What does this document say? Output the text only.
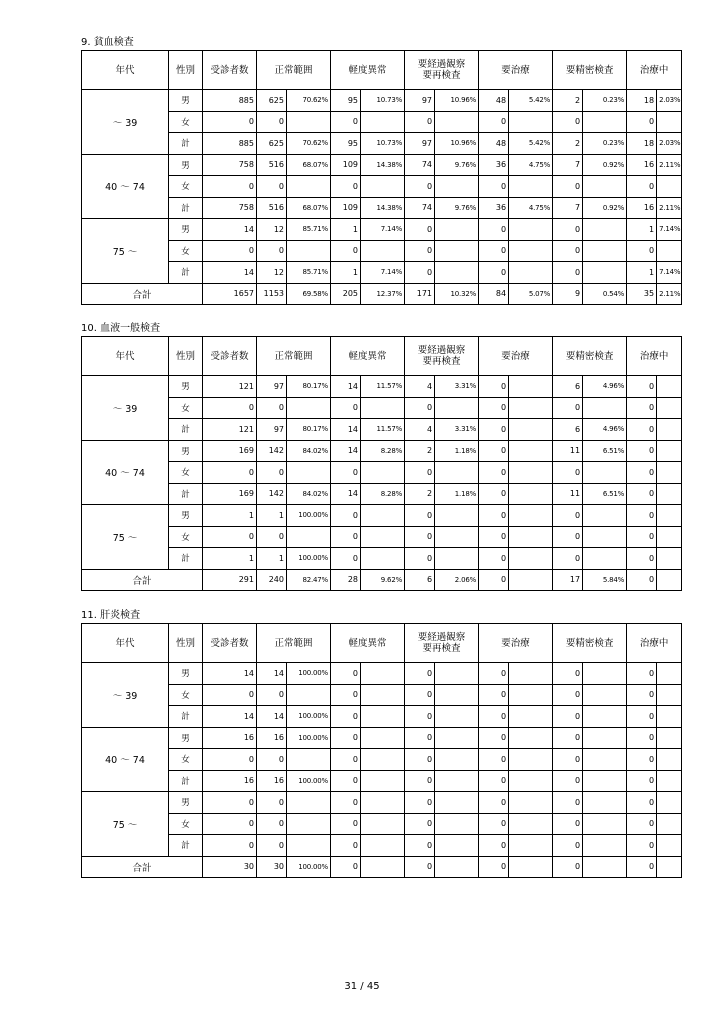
9. 貧血検査
年代	性別	受診者数	正常範囲		軽度異常		要経過観察
要再検査		要治療		要精密検査		治療中	
～ 39	男	885	625	70.62%	95	10.73%	97	10.96%	48	5.42%	2	0.23%	18	2.03%
	女	0	0		0		0		0		0		0	
	計	885	625	70.62%	95	10.73%	97	10.96%	48	5.42%	2	0.23%	18	2.03%
40 ～ 74	男	758	516	68.07%	109	14.38%	74	9.76%	36	4.75%	7	0.92%	16	2.11%
	女	0	0		0		0		0		0		0	
	計	758	516	68.07%	109	14.38%	74	9.76%	36	4.75%	7	0.92%	16	2.11%
75 ～	男	14	12	85.71%	1	7.14%	0		0		0		1	7.14%
	女	0	0		0		0		0		0		0	
	計	14	12	85.71%	1	7.14%	0		0		0		1	7.14%
合計		1657	1153	69.58%	205	12.37%	171	10.32%	84	5.07%	9	0.54%	35	2.11%
10. 血液一般検査
年代	性別	受診者数	正常範囲		軽度異常		要経過観察
要再検査		要治療		要精密検査		治療中	
～ 39	男	121	97	80.17%	14	11.57%	4	3.31%	0		6	4.96%	0	
	女	0	0		0		0		0		0		0	
	計	121	97	80.17%	14	11.57%	4	3.31%	0		6	4.96%	0	
40 ～ 74	男	169	142	84.02%	14	8.28%	2	1.18%	0		11	6.51%	0	
	女	0	0		0		0		0		0		0	
	計	169	142	84.02%	14	8.28%	2	1.18%	0		11	6.51%	0	
75 ～	男	1	1	100.00%	0		0		0		0		0	
	女	0	0		0		0		0		0		0	
	計	1	1	100.00%	0		0		0		0		0	
合計		291	240	82.47%	28	9.62%	6	2.06%	0		17	5.84%	0	
11. 肝炎検査
年代	性別	受診者数	正常範囲		軽度異常		要経過観察
要再検査		要治療		要精密検査		治療中	
～ 39	男	14	14	100.00%	0		0		0		0		0	
	女	0	0		0		0		0		0		0	
	計	14	14	100.00%	0		0		0		0		0	
40 ～ 74	男	16	16	100.00%	0		0		0		0		0	
	女	0	0		0		0		0		0		0	
	計	16	16	100.00%	0		0		0		0		0	
75 ～	男	0	0		0		0		0		0		0	
	女	0	0		0		0		0		0		0	
	計	0	0		0		0		0		0		0	
合計		30	30	100.00%	0		0		0		0		0	
31 / 45
